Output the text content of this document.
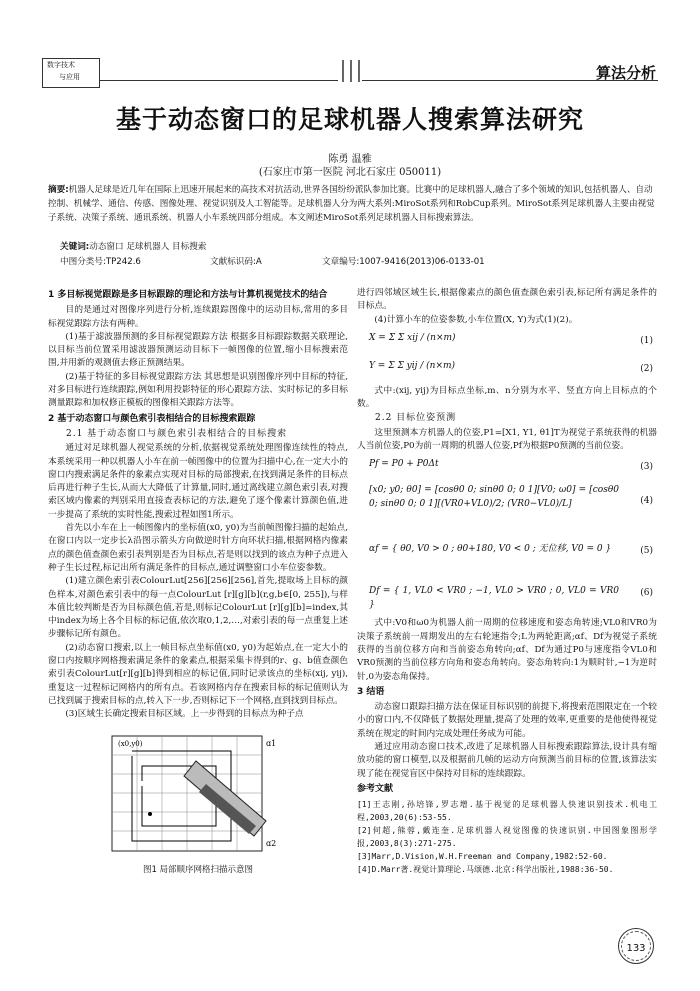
数字技术
与应用	算法分析
基于动态窗口的足球机器人搜索算法研究
陈勇 温雅
(石家庄市第一医院 河北石家庄 050011)
摘要:机器人足球是近几年在国际上迅速开展起来的高技术对抗活动,世界各国纷纷派队参加比赛。比赛中的足球机器人,融合了多个领域的知识,包括机器人、自动控制、机械学、通信、传感、图像处理、视觉识别及人工智能等。足球机器人分为两大系列:MiroSot系列和RobCup系列。MiroSot系列足球机器人主要由视觉子系统、决策子系统、通讯系统、机器人小车系统四部分组成。本文阐述MiroSot系列足球机器人目标搜索算法。
关键词:动态窗口 足球机器人 目标搜索
中图分类号:TP242.6	文献标识码:A	文章编号:1007-9416(2013)06-0133-01
1 多目标视觉跟踪是多目标跟踪的理论和方法与计算机视觉技术的结合

目的是通过对图像序列进行分析,连续跟踪图像中的运动目标,常用的多目标视觉跟踪方法有两种。

(1)基于滤波器预测的多目标视觉跟踪方法 根据多目标跟踪数据关联理论,以目标当前位置采用滤波器预测运动目标下一帧图像的位置,缩小目标搜索范围,并用新的观测值去修正预测结果。

(2)基于特征的多目标视觉跟踪方法 其思想是识别图像序列中目标的特征,对多目标进行连续跟踪,例如利用投影特征的形心跟踪方法、实时标记的多目标测量跟踪和加权修正模板的图像相关跟踪方法等。

2 基于动态窗口与颜色索引表相结合的目标搜索跟踪
2.1 基于动态窗口与颜色索引表相结合的目标搜索

通过对足球机器人视觉系统的分析,依据视觉系统处理图像连续性的特点,本系统采用一种以机器人小车在前一帧图像中的位置为扫描中心,在一定大小的窗口内搜索满足条件的象素点实现对目标的局部搜索,在找到满足条件的目标点后再进行种子生长,从而大大降低了计算量,同时,通过离线建立颜色索引表,对搜索区域内像素的判别采用直接查表标记的方法,避免了逐个像素计算颜色值,进一步提高了系统的实时性能,搜索过程如图1所示。

首先以小车在上一帧图像内的坐标值(x0, y0)为当前帧图像扫描的起始点,在窗口内以一定步长λ沿图示箭头方向做逆时针方向环状扫描,根据网格内像素点的颜色值查颜色索引表判别是否为目标点,若是则以找到的该点为种子点进入种子生长过程,标记出所有满足条件的目标点,通过调整窗口小车位姿参数。

(1)建立颜色索引表ColourLut[256][256][256],首先,提取场上目标的颜色样本,对颜色索引表中的每一点ColourLut [r][g][b](r,g,b∈[0, 255]),与样本值比较判断是否为目标颜色值,若是,则标记ColourLut [r][g][b]=index,其中index为场上各个目标的标记值,依次取0,1,2,…,对索引表的每一点重复上述步骤标记所有颜色。

(2)动态窗口搜索,以上一帧目标点坐标值(x0, y0)为起始点,在一定大小的窗口内按顺序网格搜索满足条件的象素点,根据采集卡得到的r、g、b值查颜色索引表ColourLut[r][g][b]得到相应的标记值,同时记录该点的坐标(xij, yij),重复这一过程标记网格内的所有点。若该网格内存在搜索目标的标记值则认为已找到属于搜索目标的点,转入下一步,否则标记下一个网格,直到找到目标点。

(3)区域生长确定搜索目标区域。上一步得到的目标点为种子点

(x0,y0)	ɑ1
ɑ2
图1 局部顺序网格扫描示意图

进行四邻域区域生长,根据像素点的颜色值查颜色索引表,标记所有满足条件的目标点。

(4)计算小车的位姿参数,小车位置(X, Y)为式(1)(2)。

X = Σ Σ xij / (n×m)	(1)
Y = Σ Σ yij / (n×m)	(2)

式中:(xij, yij)为目标点坐标,m、n分别为水平、竖直方向上目标点的个数。

2.2 目标位姿预测

这里预测本方机器人的位姿,P1=[X1, Y1, θ1]T为视觉子系统获得的机器人当前位姿,P0为前一周期的机器人位姿,Pf为根据P0预测的当前位姿。

Pf = P0 + P0Δt	(3)
[x0; y0; θ0] = [cosθ0 0; sinθ0 0; 0 1][V0; ω0] = [cosθ0 0; sinθ0 0; 0 1][(VR0+VL0)/2; (VR0−VL0)/L]	(4)
αf = { θ0, V0 > 0 ; θ0+180, V0 < 0 ; 无位移, V0 = 0 }	(5)
Df = { 1, VL0 < VR0 ; −1, VL0 > VR0 ; 0, VL0 = VR0 }
(6)

式中:V0和ω0为机器人前一周期的位移速度和姿态角转速;VL0和VR0为决策子系统前一周期发出的左右轮速指令;L为两轮距离;αf、Df为视觉子系统获得的当前位移方向和当前姿态角转向;αf、Df为通过P0与速度指令VL0和VR0预测的当前位移方向角和姿态角转向。姿态角转向:1为顺时针,−1为逆时针,0为姿态角保持。

3 结语

动态窗口跟踪扫描方法在保证目标识别的前提下,将搜索范围限定在一个较小的窗口内,不仅降低了数据处理量,提高了处理的效率,更重要的是他使得视觉系统在规定的时间内完成处理任务成为可能。

通过应用动态窗口技术,改进了足球机器人目标搜索跟踪算法,设计具有缩放功能的窗口模型,以及根据前几帧的运动方向预测当前目标的位置,该算法实现了能在视觉盲区中保持对目标的连续跟踪。

参考文献
[1]王志刚,孙培锋,罗志增.基于视觉的足球机器人快速识别技术.机电工程,2003,20(6):53-55.
[2]何超,熊蓉,戴连奎.足球机器人视觉图像的快速识别.中国图象图形学报,2003,8(3):271-275.
[3]Marr,D.Vision,W.H.Freeman and Company,1982:52-60.
[4]D.Marr著.视觉计算理论.马颂德.北京:科学出版社,1988:36-50.
133
